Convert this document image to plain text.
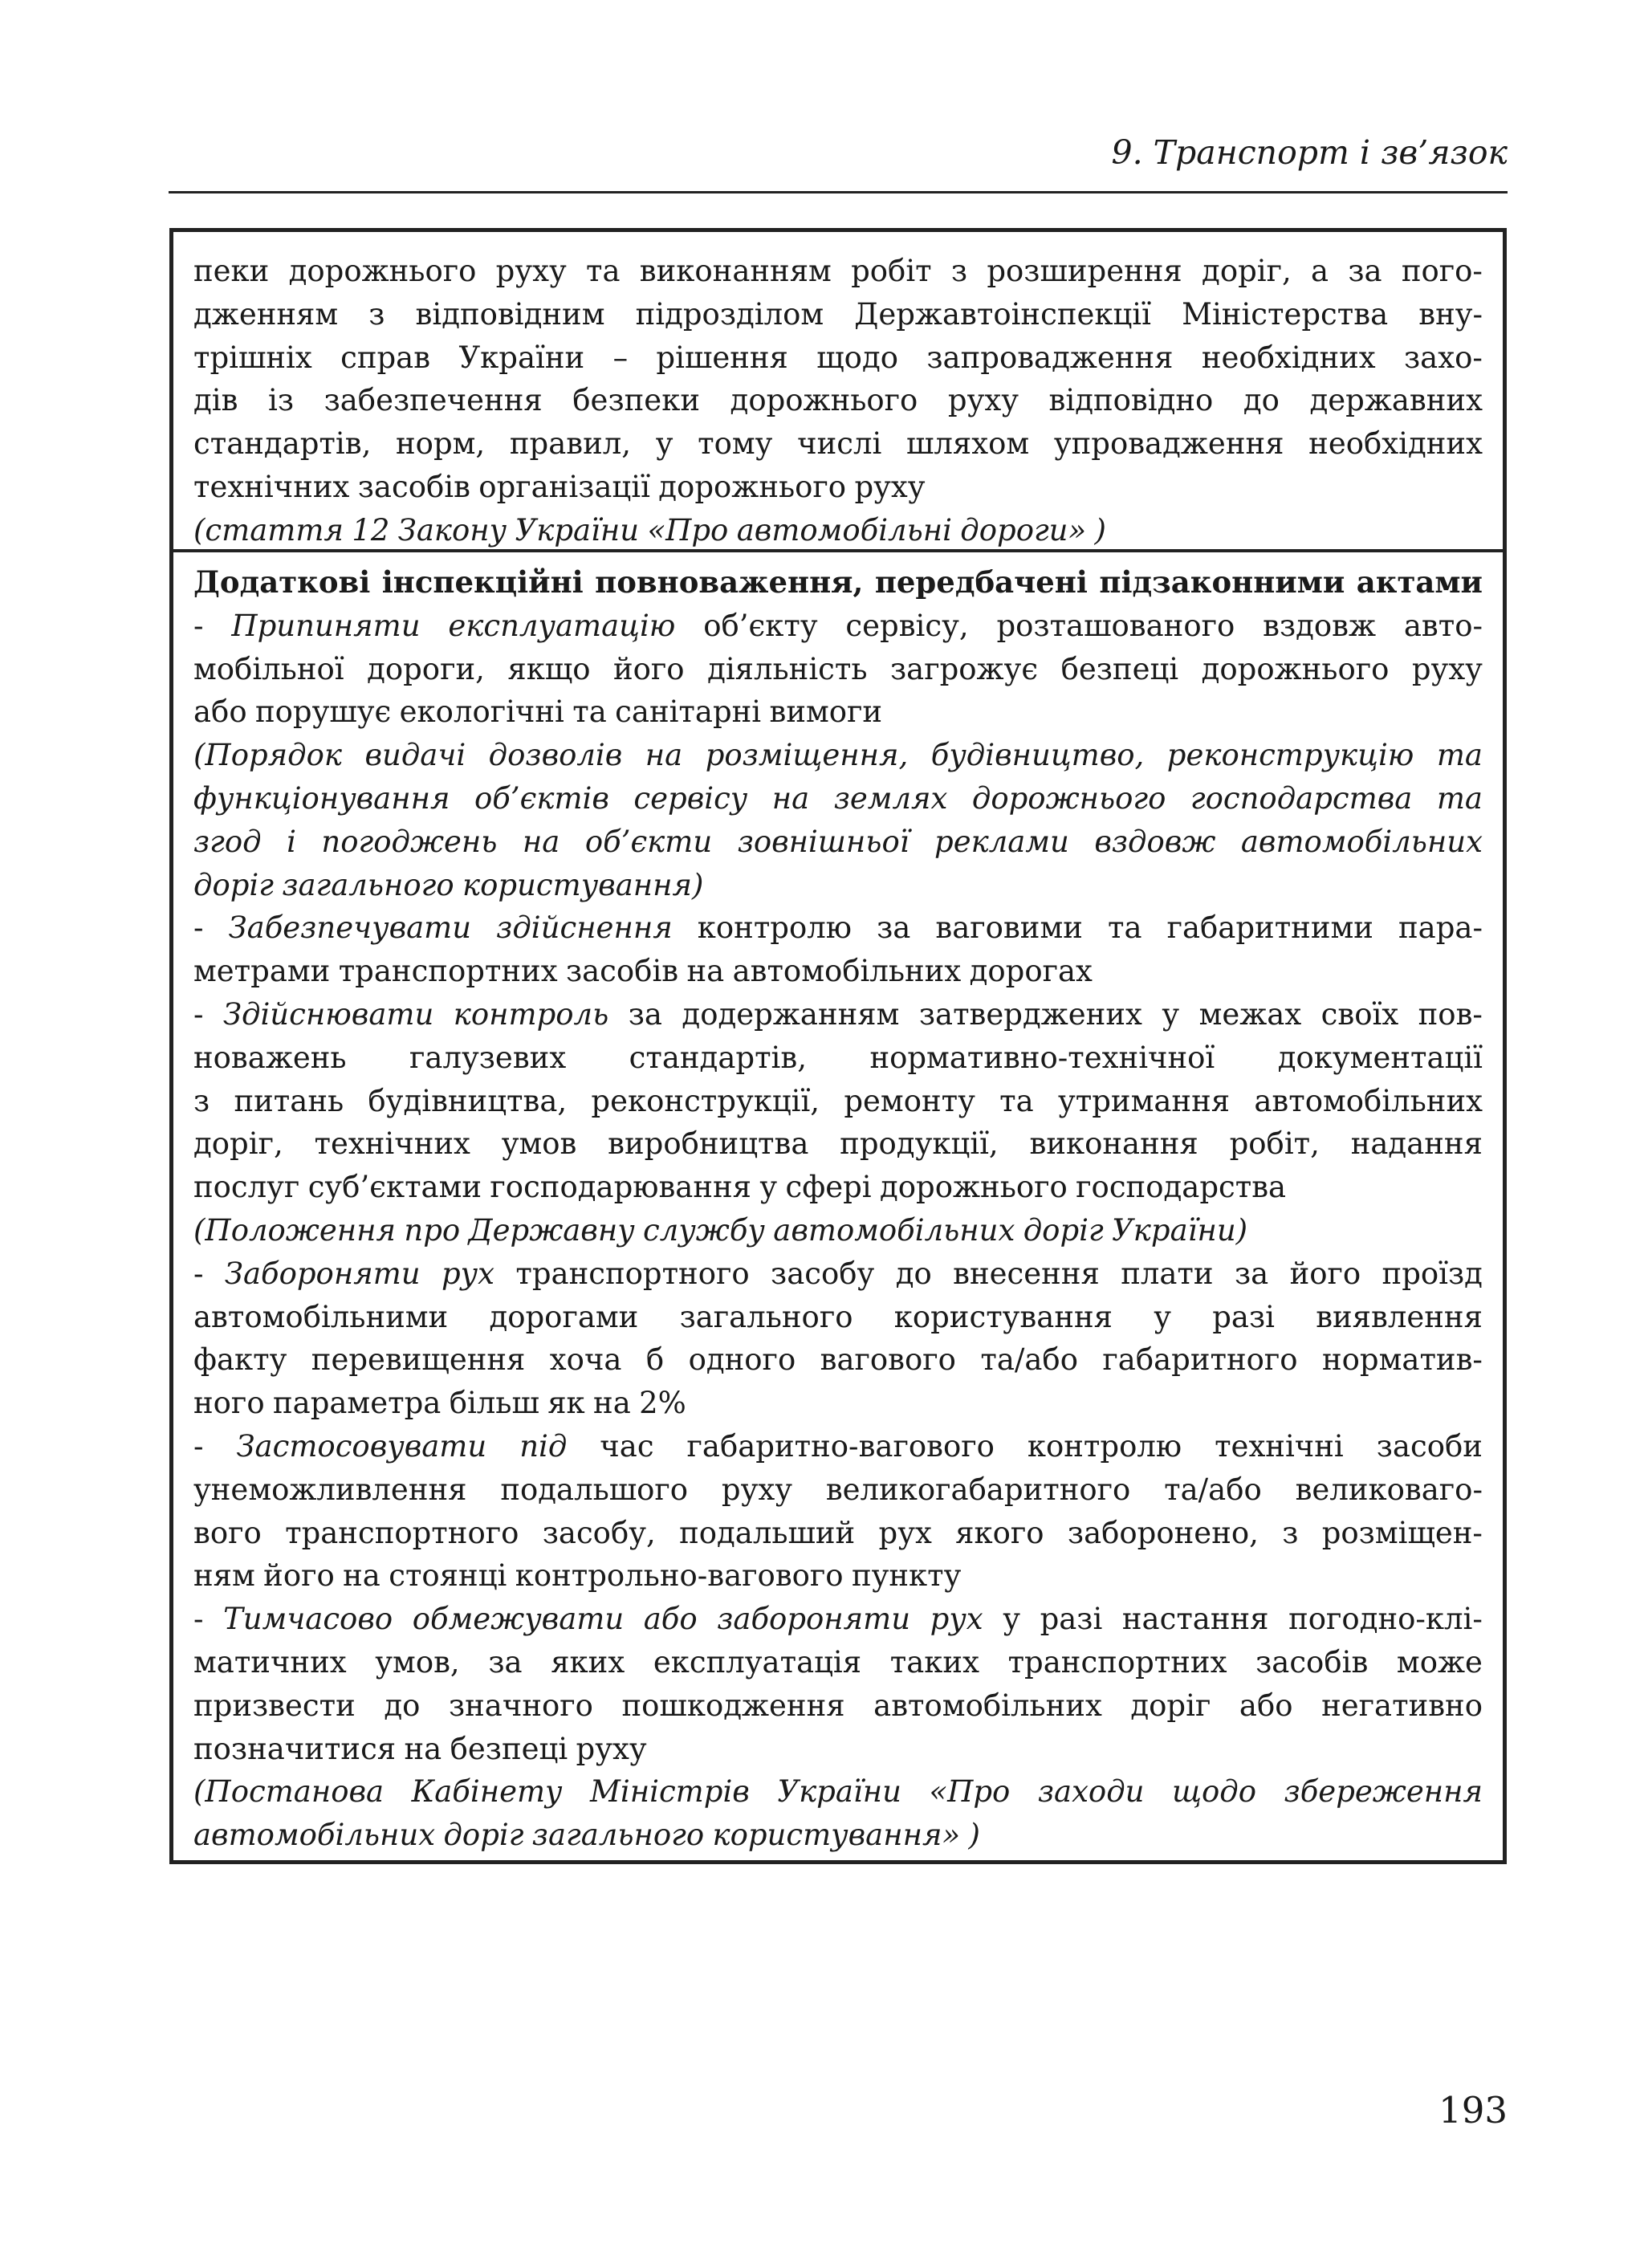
9. Транспорт і зв’язок
пеки дорожнього руху та виконанням робіт з розширення доріг, а за пого-
дженням з відповідним підрозділом Державтоінспекції Міністерства вну-
трішніх справ України – рішення щодо запровадження необхідних захо-
дів із забезпечення безпеки дорожнього руху відповідно до державних
стандартів, норм, правил, у тому числі шляхом упровадження необхідних
технічних засобів організації дорожнього руху
(стаття 12 Закону України «Про автомобільні дороги» )
Додаткові інспекційні повноваження, передбачені підзаконними актами
- Припиняти експлуатацію об’єкту сервісу, розташованого вздовж авто-
мобільної дороги, якщо його діяльність загрожує безпеці дорожнього руху
або порушує екологічні та санітарні вимоги
(Порядок видачі дозволів на розміщення, будівництво, реконструкцію та
функціонування об’єктів сервісу на землях дорожнього господарства та
згод і погоджень на об’єкти зовнішньої реклами вздовж автомобільних
доріг загального користування)
- Забезпечувати здійснення контролю за ваговими та габаритними пара-
метрами транспортних засобів на автомобільних дорогах
- Здійснювати контроль за додержанням затверджених у межах своїх пов-
новажень галузевих стандартів, нормативно-технічної документації
з питань будівництва, реконструкції, ремонту та утримання автомобільних
доріг, технічних умов виробництва продукції, виконання робіт, надання
послуг суб’єктами господарювання у сфері дорожнього господарства
(Положення про Державну службу автомобільних доріг України)
- Забороняти рух транспортного засобу до внесення плати за його проїзд
автомобільними дорогами загального користування у разі виявлення
факту перевищення хоча б одного вагового та/або габаритного норматив-
ного параметра більш як на 2%
- Застосовувати під час габаритно-вагового контролю технічні засоби
унеможливлення подальшого руху великогабаритного та/або великоваго-
вого транспортного засобу, подальший рух якого заборонено, з розміщен-
ням його на стоянці контрольно-вагового пункту
- Тимчасово обмежувати або забороняти рух у разі настання погодно-клі-
матичних умов, за яких експлуатація таких транспортних засобів може
призвести до значного пошкодження автомобільних доріг або негативно
позначитися на безпеці руху
(Постанова Кабінету Міністрів України «Про заходи щодо збереження
автомобільних доріг загального користування» )
193
